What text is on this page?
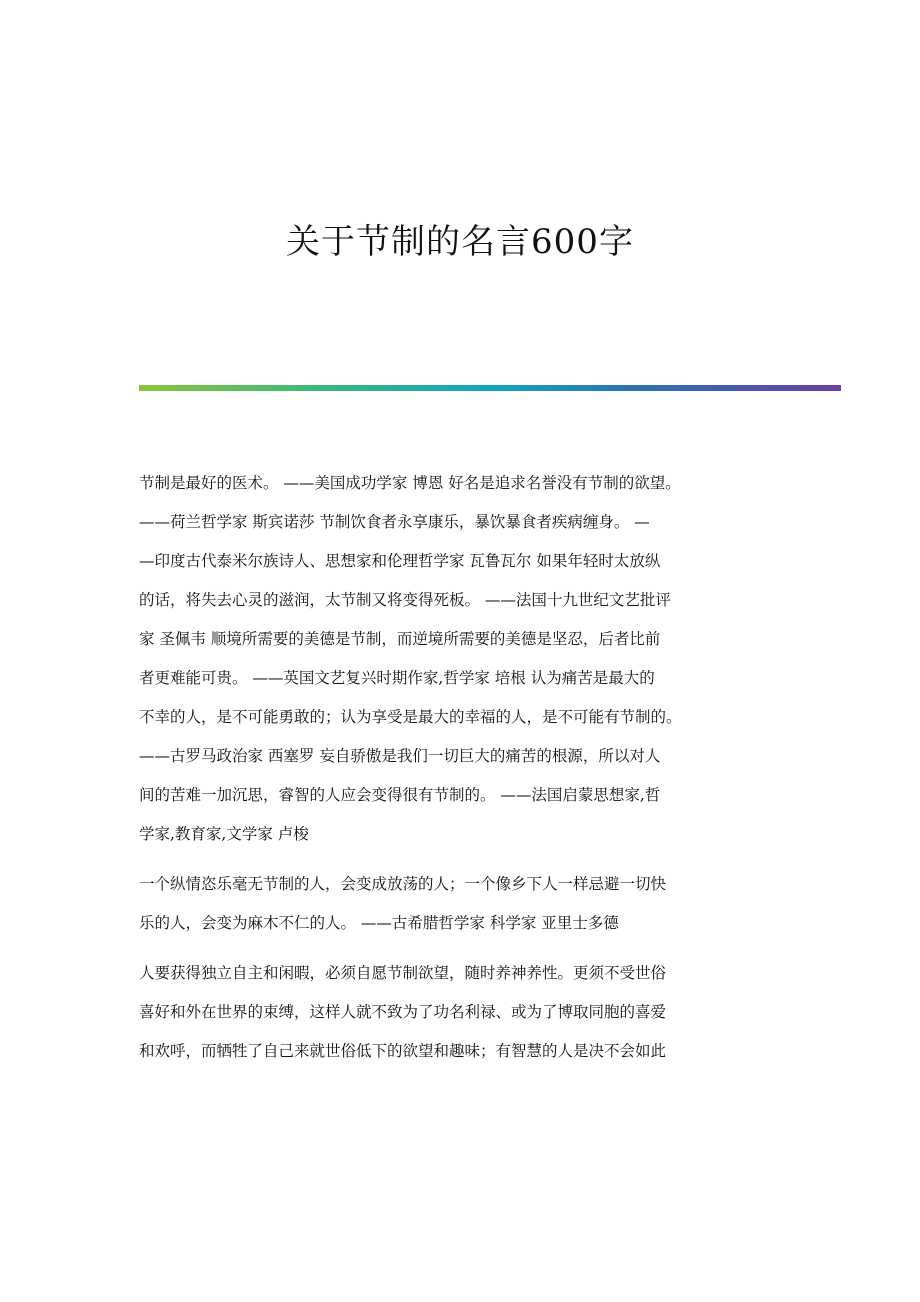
关于节制的名言600字
节制是最好的医术。 ——美国成功学家 博恩 好名是追求名誉没有节制的欲望。
——荷兰哲学家 斯宾诺莎 节制饮食者永享康乐，暴饮暴食者疾病缠身。 —
—印度古代泰米尔族诗人、思想家和伦理哲学家 瓦鲁瓦尔 如果年轻时太放纵
的话，将失去心灵的滋润，太节制又将变得死板。 ——法国十九世纪文艺批评
家 圣佩韦 顺境所需要的美德是节制，而逆境所需要的美德是坚忍，后者比前
者更难能可贵。 ——英国文艺复兴时期作家,哲学家 培根 认为痛苦是最大的
不幸的人，是不可能勇敢的；认为享受是最大的幸福的人，是不可能有节制的。
——古罗马政治家 西塞罗 妄自骄傲是我们一切巨大的痛苦的根源，所以对人
间的苦难一加沉思，睿智的人应会变得很有节制的。 ——法国启蒙思想家,哲
学家,教育家,文学家 卢梭
一个纵情恣乐毫无节制的人，会变成放荡的人；一个像乡下人一样忌避一切快
乐的人，会变为麻木不仁的人。 ——古希腊哲学家 科学家 亚里士多德
人要获得独立自主和闲暇，必须自愿节制欲望，随时养神养性。更须不受世俗
喜好和外在世界的束缚，这样人就不致为了功名利禄、或为了博取同胞的喜爱
和欢呼，而牺牲了自己来就世俗低下的欲望和趣味；有智慧的人是决不会如此
